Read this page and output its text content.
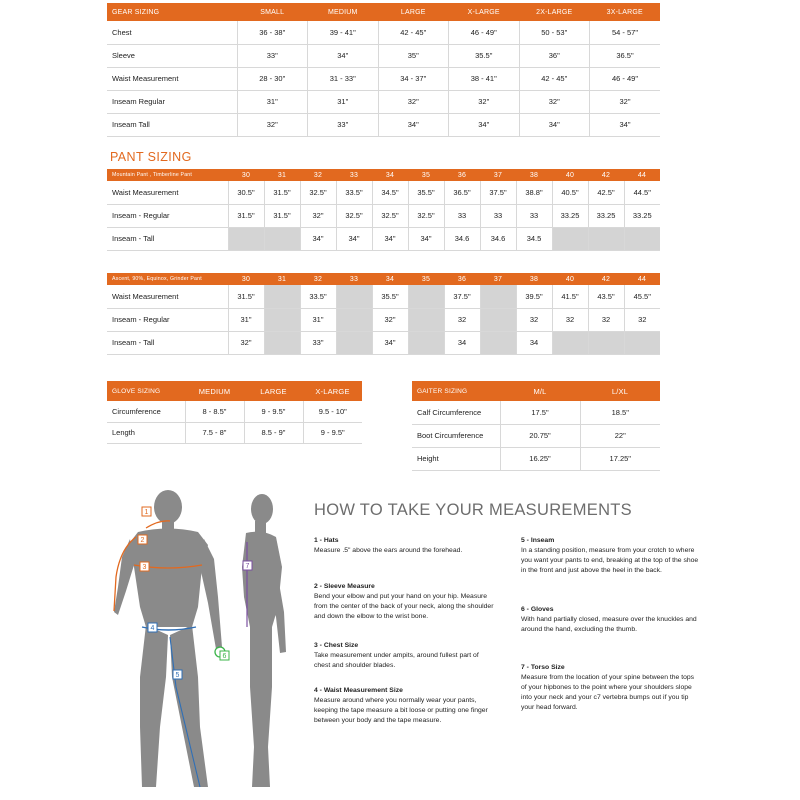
GEAR SIZING	SMALL	MEDIUM	LARGE	X-LARGE	2X-LARGE	3X-LARGE
Chest	36 - 38"	39 - 41"	42 - 45"	46 - 49"	50 - 53"	54 - 57"
Sleeve	33"	34"	35"	35.5"	36"	36.5"
Waist Measurement	28 - 30"	31 - 33"	34 - 37"	38 - 41"	42 - 45"	46 - 49"
Inseam Regular	31"	31"	32"	32"	32"	32"
Inseam Tall	32"	33"	34"	34"	34"	34"
PANT SIZING
Mountain Pant , Timberline Pant	30	31	32	33	34	35	36	37	38	40	42	44
Waist Measurement	30.5"	31.5"	32.5"	33.5"	34.5"	35.5"	36.5"	37.5"	38.8"	40.5"	42.5"	44.5"
Inseam - Regular	31.5"	31.5"	32"	32.5"	32.5"	32.5"	33	33	33	33.25	33.25	33.25
Inseam - Tall			34"	34"	34"	34"	34.6	34.6	34.5			
Ascent, 90%, Equinox, Grinder Pant	30	31	32	33	34	35	36	37	38	40	42	44
Waist Measurement	31.5"		33.5"		35.5"		37.5"		39.5"	41.5"	43.5"	45.5"
Inseam - Regular	31"		31"		32"		32		32	32	32	32
Inseam - Tall	32"		33"		34"		34		34			
GLOVE SIZING	MEDIUM	LARGE	X-LARGE
Circumference	8 - 8.5"	9 - 9.5"	9.5 - 10"
Length	7.5 - 8"	8.5 - 9"	9 - 9.5"
GAITER SIZING	M/L	L/XL
Calf Circumference	17.5"	18.5"
Boot Circumference	20.75"	22"
Height	16.25"	17.25"
1
2
3
4
5
6
7
HOW TO TAKE YOUR MEASUREMENTS
1 - Hats
Measure .5" above the ears around the forehead.
2 - Sleeve Measure
Bend your elbow and put your hand on your hip. Measure from the center of the back of your neck, along the shoulder and down the elbow to the wrist bone.
3 - Chest Size
Take measurement under ampits, around fullest part of chest and shoulder blades.
4 - Waist Measurement Size
Measure around where you normally wear your pants, keeping the tape measure a bit loose or putting one finger between your body and the tape measure.
5 - Inseam
In a standing position, measure from your crotch to where you want your pants to end, breaking at the top of the shoe in the front and just above the heel in the back.
6 - Gloves
With hand partially closed, measure over the knuckles and around the hand, excluding the thumb.
7 - Torso Size
Measure from the location of your spine between the tops of your hipbones to the point where your shoulders slope into your neck and your c7 vertebra bumps out if you tip your head forward.
